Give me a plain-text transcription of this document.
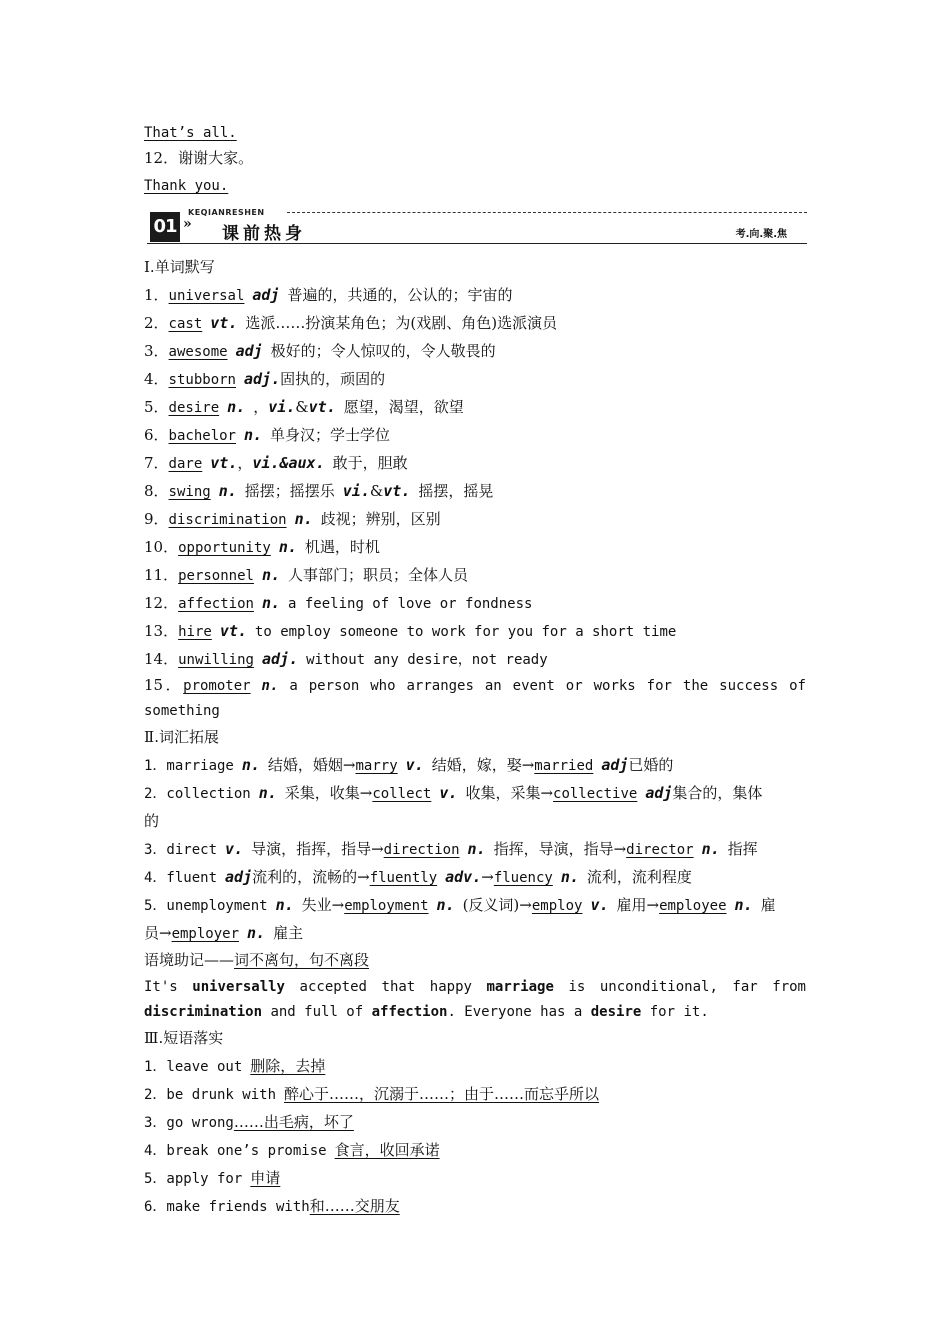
That’s all.
12．谢谢大家。
Thank you.
01 »
KEQIANRESHEN
课前热身	考.向.聚.焦
Ⅰ.单词默写
1．universal adj 普遍的，共通的，公认的；宇宙的
2．cast vt. 选派……扮演某角色；为(戏剧、角色)选派演员
3．awesome adj 极好的；令人惊叹的，令人敬畏的
4．stubborn adj.固执的，顽固的
5．desire n. ，vi.&vt. 愿望，渴望，欲望
6．bachelor n. 单身汉；学士学位
7．dare vt.，vi.&aux. 敢于，胆敢
8．swing n. 摇摆；摇摆乐 vi.&vt. 摇摆，摇晃
9．discrimination n. 歧视；辨别，区别
10．opportunity n. 机遇，时机
11．personnel n. 人事部门；职员；全体人员
12．affection n. a feeling of love or fondness
13．hire vt. to employ someone to work for you for a short time
14．unwilling adj. without any desire，not ready
15．promoter n. a person who arranges an event or works for the success of something
Ⅱ.词汇拓展
1．marriage n. 结婚，婚姻→marry v. 结婚，嫁，娶→married adj已婚的
2．collection n. 采集，收集→collect v. 收集，采集→collective adj集合的，集体
的
3．direct v. 导演，指挥，指导→direction n. 指挥，导演，指导→director n. 指挥
4．fluent adj流利的，流畅的→fluently adv.→fluency n. 流利，流利程度
5．unemployment n. 失业→employment n. (反义词)→employ v. 雇用→employee n. 雇
员→employer n. 雇主
语境助记——词不离句，句不离段
It's universally accepted that happy marriage is unconditional, far from discrimination and full of affection. Everyone has a desire for it.
Ⅲ.短语落实
1．leave out 删除，去掉
2．be drunk with 醉心于……，沉溺于……；由于……而忘乎所以
3．go wrong……出毛病，坏了
4．break one’s promise 食言，收回承诺
5．apply for 申请
6．make friends with和……交朋友
